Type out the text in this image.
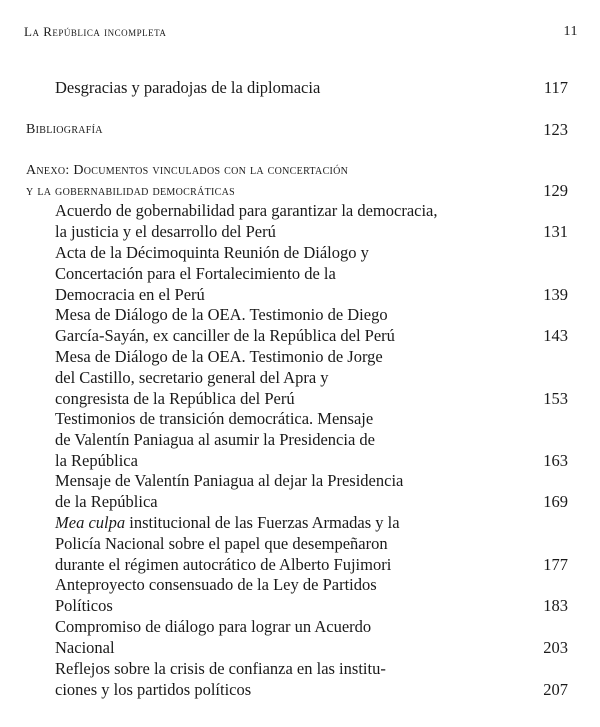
La República incompleta	11
Desgracias y paradojas de la diplomacia	117
Bibliografía	123
Anexo: Documentos vinculados con la concertación
y la gobernabilidad democráticas	129
Acuerdo de gobernabilidad para garantizar la democracia,
la justicia y el desarrollo del Perú	131
Acta de la Décimoquinta Reunión de Diálogo y
Concertación para el Fortalecimiento de la
Democracia en el Perú	139
Mesa de Diálogo de la OEA. Testimonio de Diego
García-Sayán, ex canciller de la República del Perú	143
Mesa de Diálogo de la OEA. Testimonio de Jorge
del Castillo, secretario general del Apra y
congresista de la República del Perú	153
Testimonios de transición democrática. Mensaje
de Valentín Paniagua al asumir la Presidencia de
la República	163
Mensaje de Valentín Paniagua al dejar la Presidencia
de la República	169
Mea culpa institucional de las Fuerzas Armadas y la
Policía Nacional sobre el papel que desempeñaron
durante el régimen autocrático de Alberto Fujimori	177
Anteproyecto consensuado de la Ley de Partidos
Políticos	183
Compromiso de diálogo para lograr un Acuerdo
Nacional	203
Reflejos sobre la crisis de confianza en las institu-
ciones y los partidos políticos	207
